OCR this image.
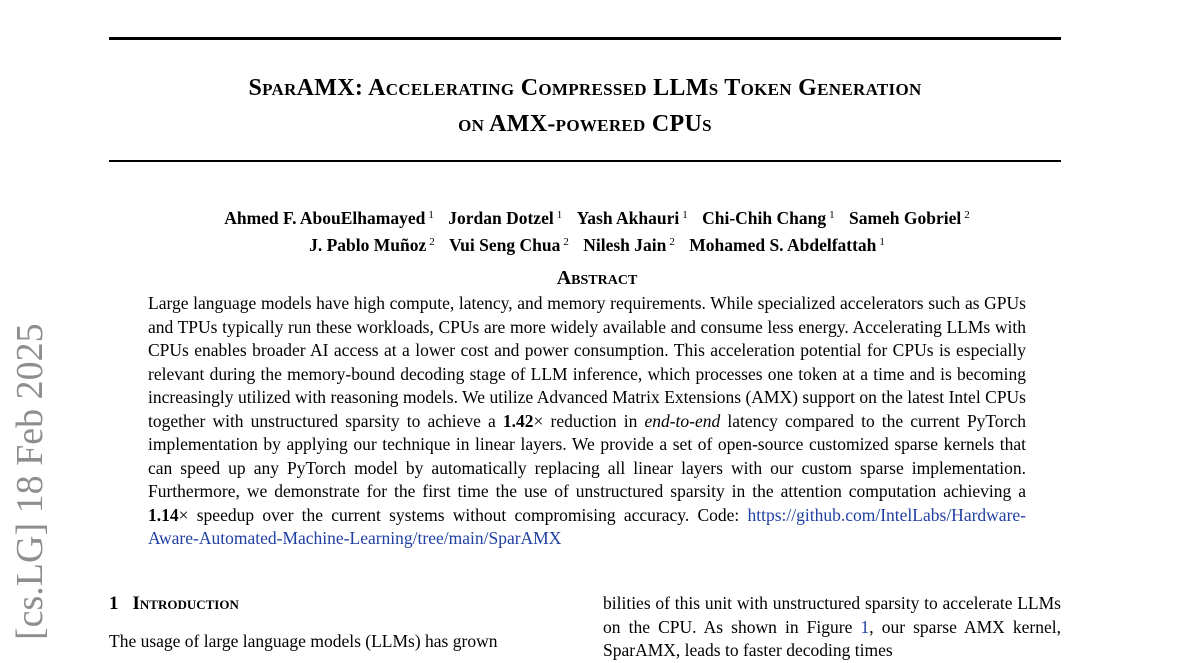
[cs.LG] 18 Feb 2025
SparAMX: Accelerating Compressed LLMs Token Generation
on AMX-powered CPUs
Ahmed F. AbouElhamayed $^1$ Jordan Dotzel $^1$ Yash Akhauri $^1$ Chi-Chih Chang $^1$ Sameh Gobriel $^2$
J. Pablo Muñoz $^2$ Vui Seng Chua $^2$ Nilesh Jain $^2$ Mohamed S. Abdelfattah $^1$
Abstract
Large language models have high compute, latency, and memory requirements. While specialized accelerators such as GPUs and TPUs typically run these workloads, CPUs are more widely available and consume less energy. Accelerating LLMs with CPUs enables broader AI access at a lower cost and power consumption. This acceleration potential for CPUs is especially relevant during the memory-bound decoding stage of LLM inference, which processes one token at a time and is becoming increasingly utilized with reasoning models. We utilize Advanced Matrix Extensions (AMX) support on the latest Intel CPUs together with unstructured sparsity to achieve a 1.42× reduction in end-to-end latency compared to the current PyTorch implementation by applying our technique in linear layers. We provide a set of open-source customized sparse kernels that can speed up any PyTorch model by automatically replacing all linear layers with our custom sparse implementation. Furthermore, we demonstrate for the first time the use of unstructured sparsity in the attention computation achieving a 1.14× speedup over the current systems without compromising accuracy. Code: https://github.com/IntelLabs/Hardware-Aware-Automated-Machine-Learning/tree/main/SparAMX
1 Introduction
The usage of large language models (LLMs) has grown
bilities of this unit with unstructured sparsity to accelerate LLMs on the CPU. As shown in Figure 1, our sparse AMX kernel, SparAMX, leads to faster decoding times
